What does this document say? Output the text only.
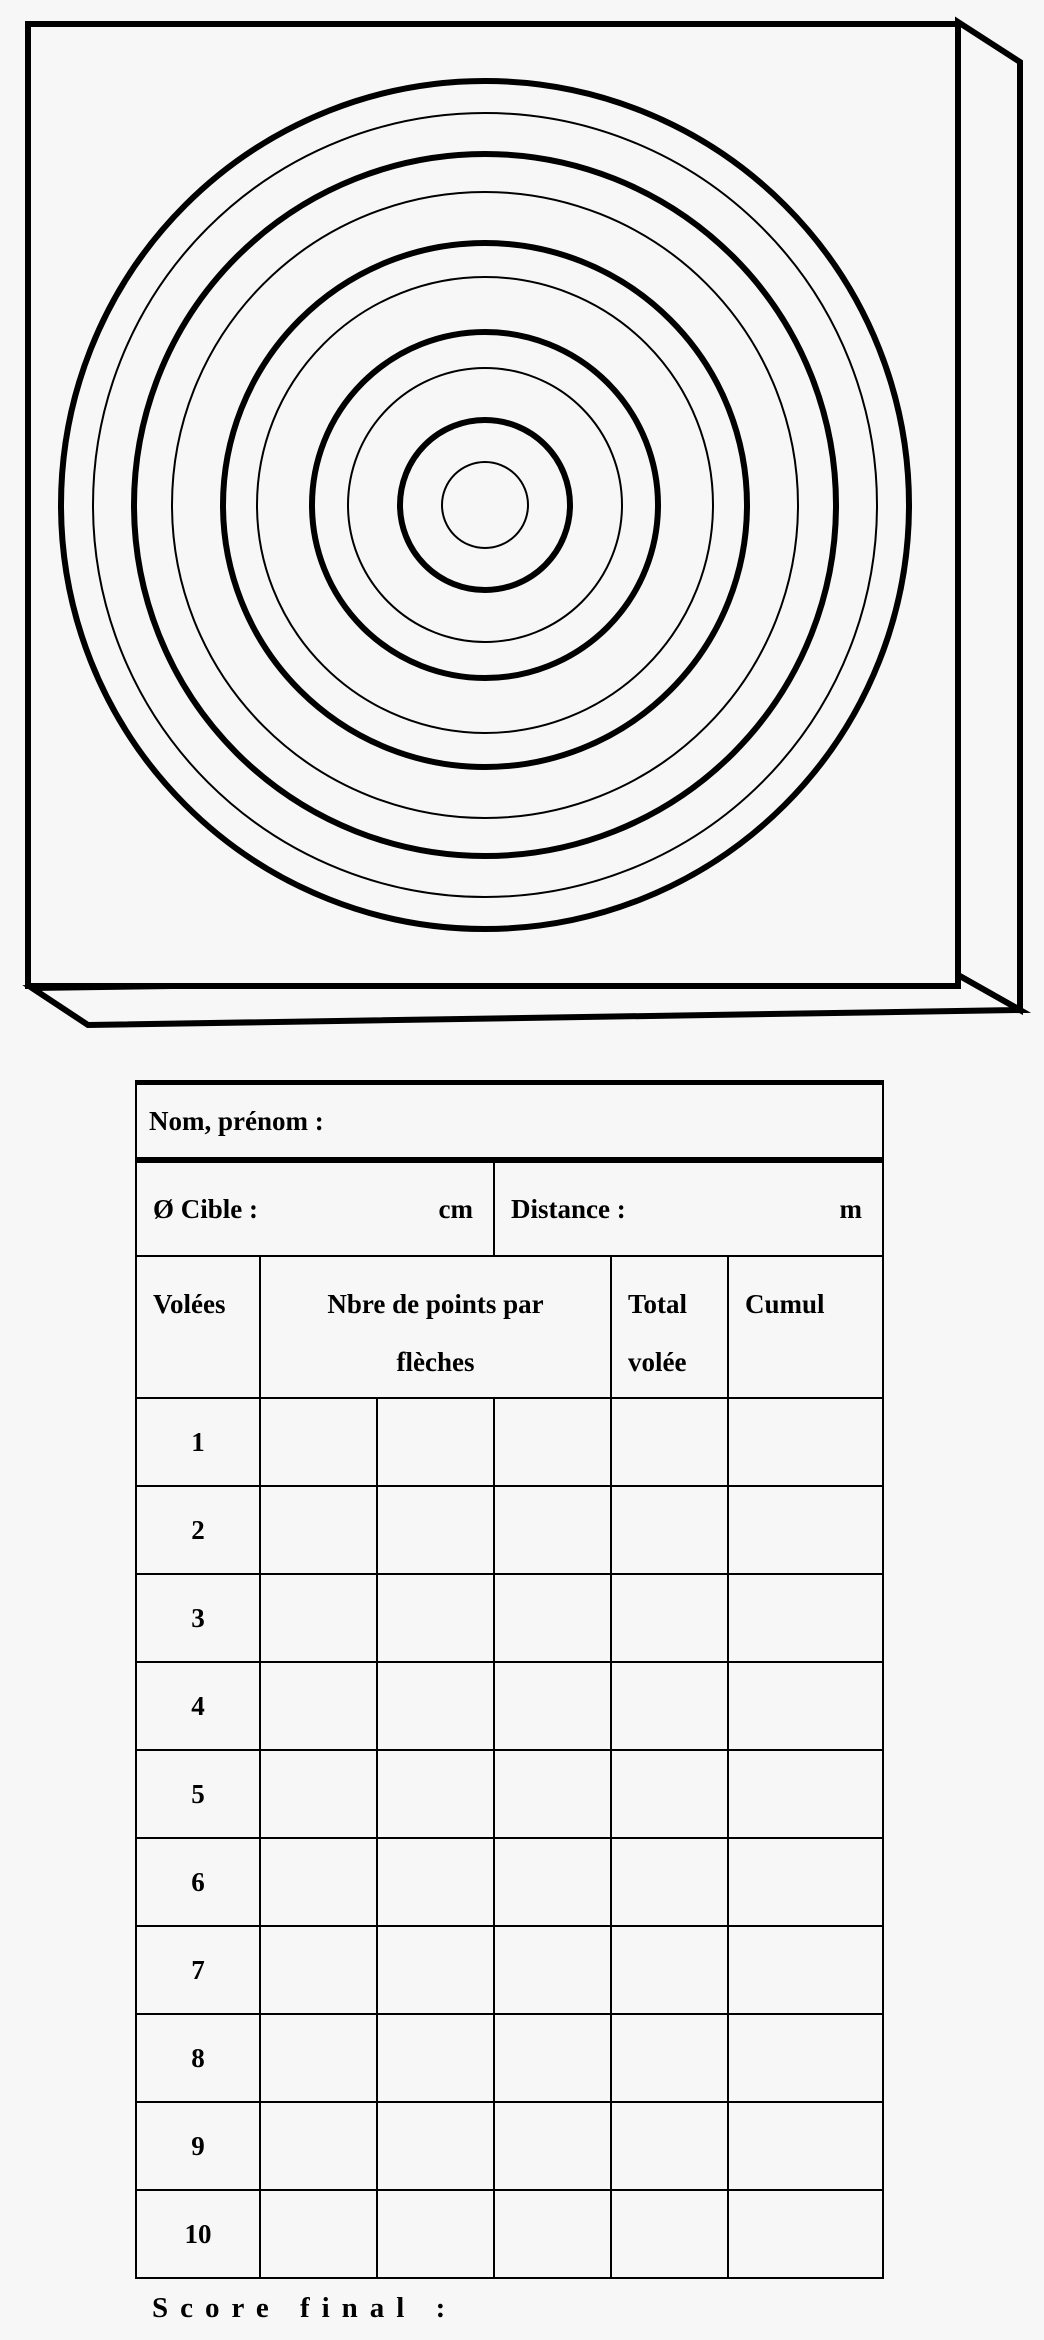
Nom, prénom :					

Ø Cible : cm			Distance : m		

Volées	Nbre de points par flèches			Total volée	Cumul
1					
2					
3					
4					
5					
6					
7					
8					
9					
10					
Score final :
